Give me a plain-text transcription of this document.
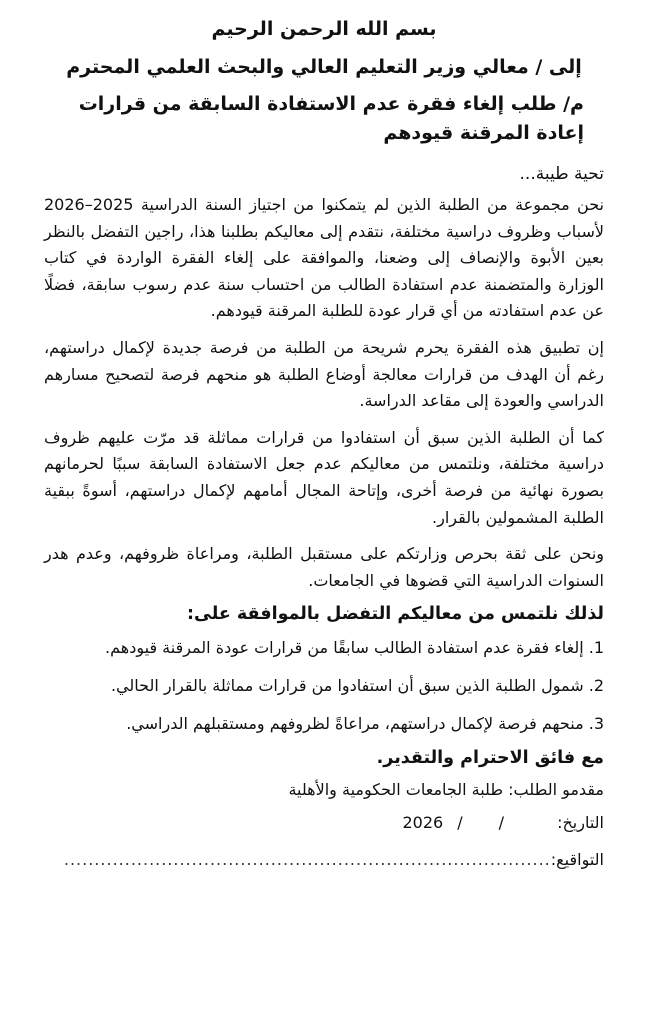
بسم الله الرحمن الرحيم
إلى / معالي وزير التعليم العالي والبحث العلمي المحترم
م/ طلب إلغاء فقرة عدم الاستفادة السابقة من قرارات إعادة المرقنة قيودهم
تحية طيبة...

نحن مجموعة من الطلبة الذين لم يتمكنوا من اجتياز السنة الدراسية 2025–2026 لأسباب وظروف دراسية مختلفة، نتقدم إلى معاليكم بطلبنا هذا، راجين التفضل بالنظر بعين الأبوة والإنصاف إلى وضعنا، والموافقة على إلغاء الفقرة الواردة في كتاب الوزارة والمتضمنة عدم استفادة الطالب من احتساب سنة عدم رسوب سابقة، فضلًا عن عدم استفادته من أي قرار عودة للطلبة المرقنة قيودهم.

إن تطبيق هذه الفقرة يحرم شريحة من الطلبة من فرصة جديدة لإكمال دراستهم، رغم أن الهدف من قرارات معالجة أوضاع الطلبة هو منحهم فرصة لتصحيح مسارهم الدراسي والعودة إلى مقاعد الدراسة.

كما أن الطلبة الذين سبق أن استفادوا من قرارات مماثلة قد مرّت عليهم ظروف دراسية مختلفة، ونلتمس من معاليكم عدم جعل الاستفادة السابقة سببًا لحرمانهم بصورة نهائية من فرصة أخرى، وإتاحة المجال أمامهم لإكمال دراستهم، أسوةً ببقية الطلبة المشمولين بالقرار.

ونحن على ثقة بحرص وزارتكم على مستقبل الطلبة، ومراعاة ظروفهم، وعدم هدر السنوات الدراسية التي قضوها في الجامعات.

لذلك نلتمس من معاليكم التفضل بالموافقة على:
1. إلغاء فقرة عدم استفادة الطالب سابقًا من قرارات عودة المرقنة قيودهم.
2. شمول الطلبة الذين سبق أن استفادوا من قرارات مماثلة بالقرار الحالي.
3. منحهم فرصة لإكمال دراستهم، مراعاةً لظروفهم ومستقبلهم الدراسي.
مع فائق الاحترام والتقدير.
مقدمو الطلب: طلبة الجامعات الحكومية والأهلية
التاريخ:
/
/
2026
التواقيع:
................................................................................
